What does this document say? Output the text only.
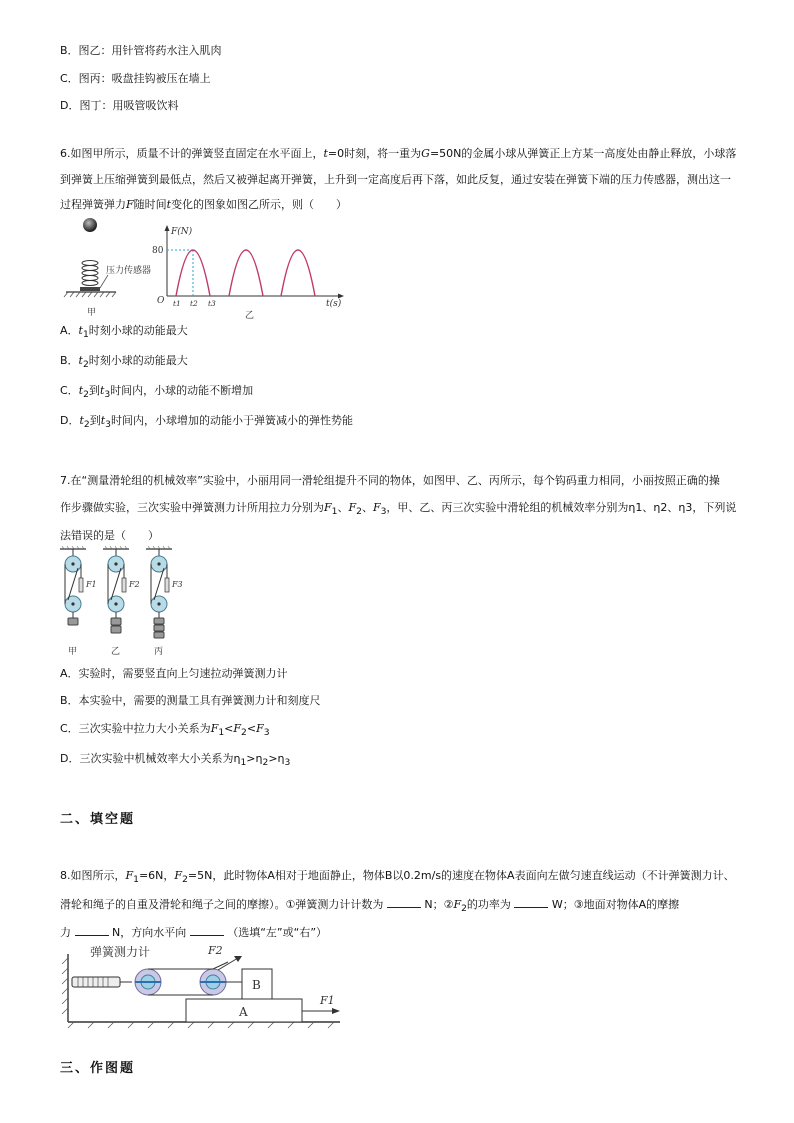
B．图乙：用针管将药水注入肌肉
C．图丙：吸盘挂钩被压在墙上
D．图丁：用吸管吸饮料
6.如图甲所示，质量不计的弹簧竖直固定在水平面上，t=0时刻，将一重为G=50N的金属小球从弹簧正上方某一高度处由静止释放，小球落
到弹簧上压缩弹簧到最低点，然后又被弹起离开弹簧，上升到一定高度后再下落，如此反复，通过安装在弹簧下端的压力传感器，测出这一
过程弹簧弹力F随时间t变化的图象如图乙所示，则（　　）
压力传感器
甲
F(N)
t(s)
O
80
t1 t2 t3
乙
A．$t_1$时刻小球的动能最大
B．$t_2$时刻小球的动能最大
C．$t_2$到$t_3$时间内，小球的动能不断增加
D．$t_2$到$t_3$时间内，小球增加的动能小于弹簧减小的弹性势能
7.在“测量滑轮组的机械效率”实验中，小丽用同一滑轮组提升不同的物体，如图甲、乙、丙所示，每个钩码重力相同，小丽按照正确的操
作步骤做实验，三次实验中弹簧测力计所用拉力分别为$F_1$、$F_2$、$F_3$，甲、乙、丙三次实验中滑轮组的机械效率分别为η1、η2、η3，下列说
法错误的是（　　）
F1
甲
F2
乙
F3
丙
A．实验时，需要竖直向上匀速拉动弹簧测力计
B．本实验中，需要的测量工具有弹簧测力计和刻度尺
C．三次实验中拉力大小关系为$F_1<F_2<F_3$
D．三次实验中机械效率大小关系为$\eta_1>\eta_2>\eta_3$
二、填空题
8.如图所示，$F_1=6N$，$F_2=5N$，此时物体A相对于地面静止，物体B以0.2m/s的速度在物体A表面向左做匀速直线运动（不计弹簧测力计、
滑轮和绳子的自重及滑轮和绳子之间的摩擦）。①弹簧测力计计数为	N；$②F_2$的功率为	W；③地面对物体A的摩擦
力	N，方向水平向	（选填“左”或“右”）
弹簧测力计	F2
B
A
F1
三、作图题
